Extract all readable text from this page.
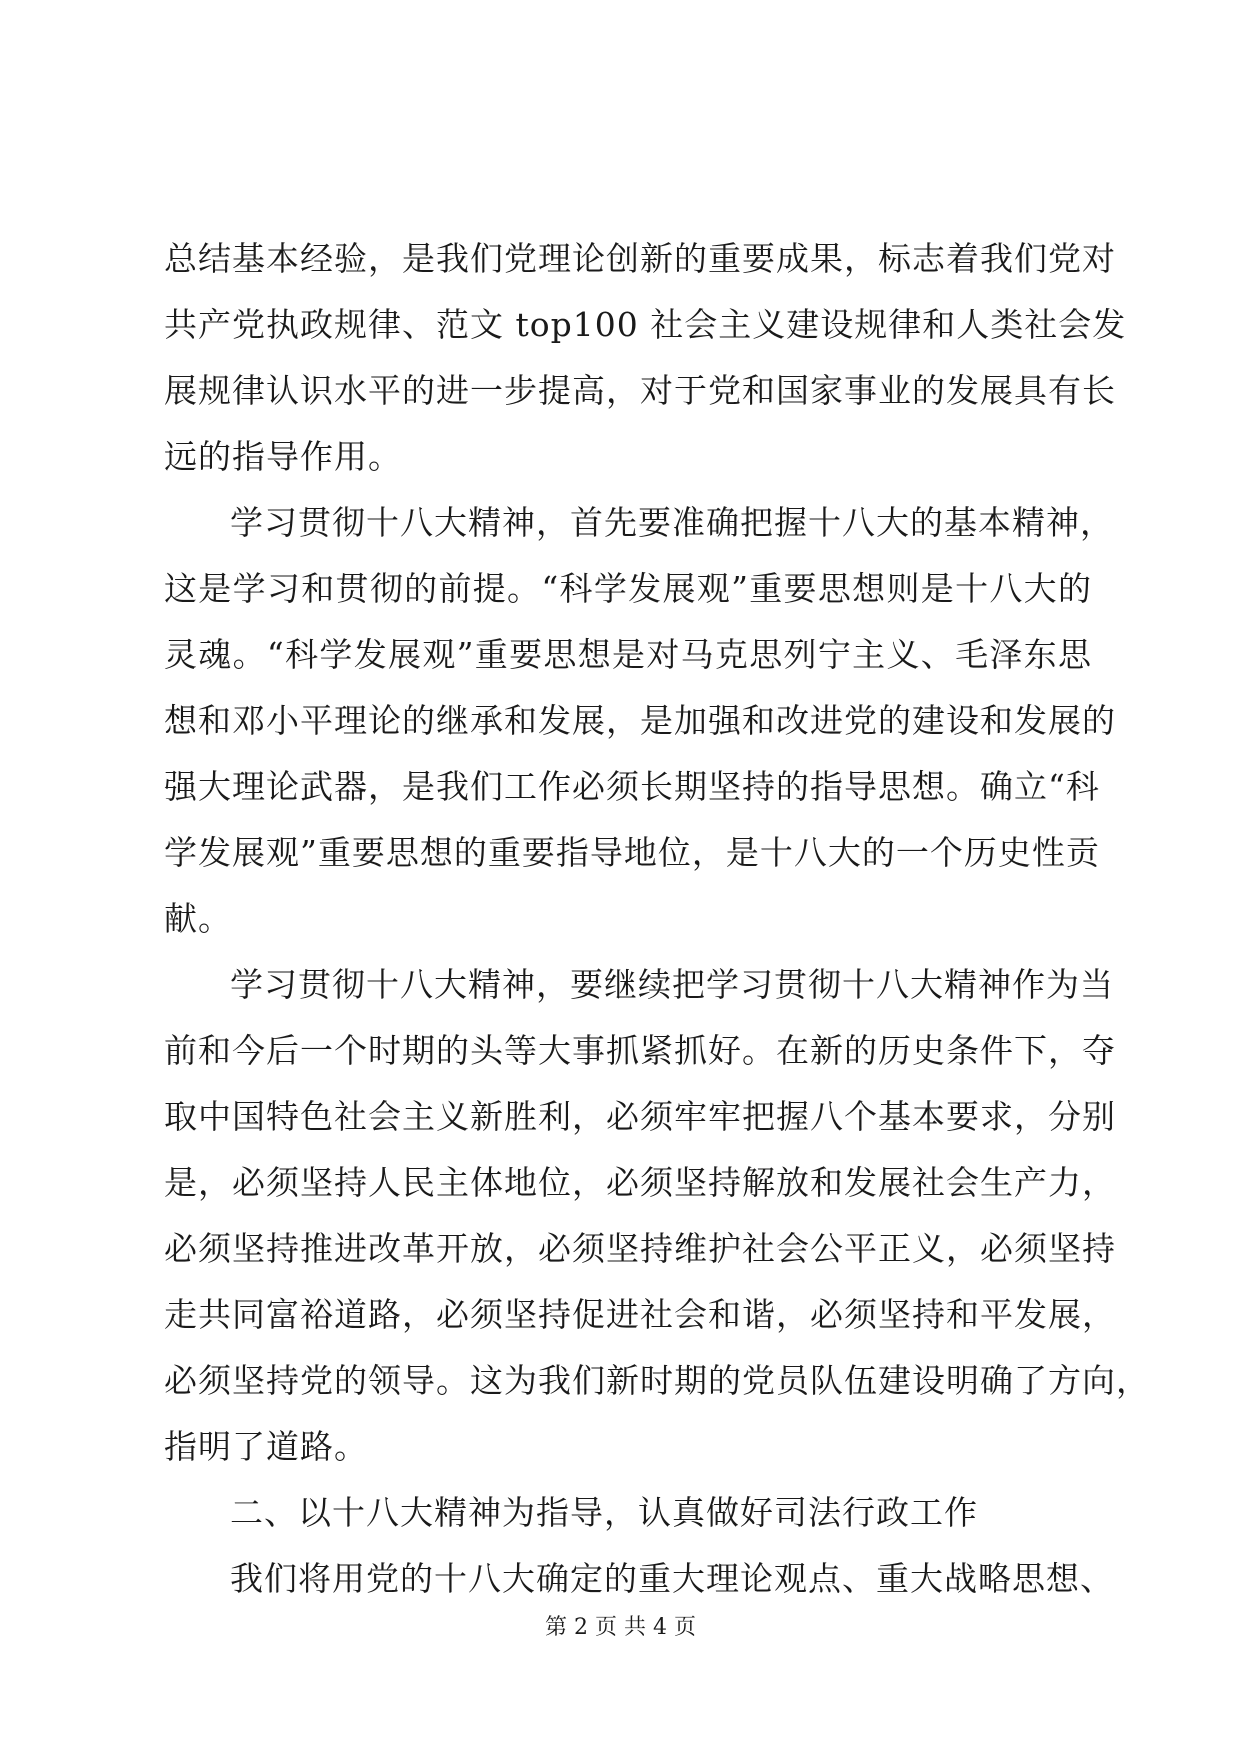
总结基本经验，是我们党理论创新的重要成果，标志着我们党对
共产党执政规律、范文 top100 社会主义建设规律和人类社会发
展规律认识水平的进一步提高，对于党和国家事业的发展具有长
远的指导作用。
学习贯彻十八大精神，首先要准确把握十八大的基本精神，
这是学习和贯彻的前提。“科学发展观”重要思想则是十八大的
灵魂。“科学发展观”重要思想是对马克思列宁主义、毛泽东思
想和邓小平理论的继承和发展，是加强和改进党的建设和发展的
强大理论武器，是我们工作必须长期坚持的指导思想。确立“科
学发展观”重要思想的重要指导地位，是十八大的一个历史性贡
献。
学习贯彻十八大精神，要继续把学习贯彻十八大精神作为当
前和今后一个时期的头等大事抓紧抓好。在新的历史条件下，夺
取中国特色社会主义新胜利，必须牢牢把握八个基本要求，分别
是，必须坚持人民主体地位，必须坚持解放和发展社会生产力，
必须坚持推进改革开放，必须坚持维护社会公平正义，必须坚持
走共同富裕道路，必须坚持促进社会和谐，必须坚持和平发展，
必须坚持党的领导。这为我们新时期的党员队伍建设明确了方向，
指明了道路。
二、以十八大精神为指导，认真做好司法行政工作
我们将用党的十八大确定的重大理论观点、重大战略思想、
第 2 页 共 4 页
